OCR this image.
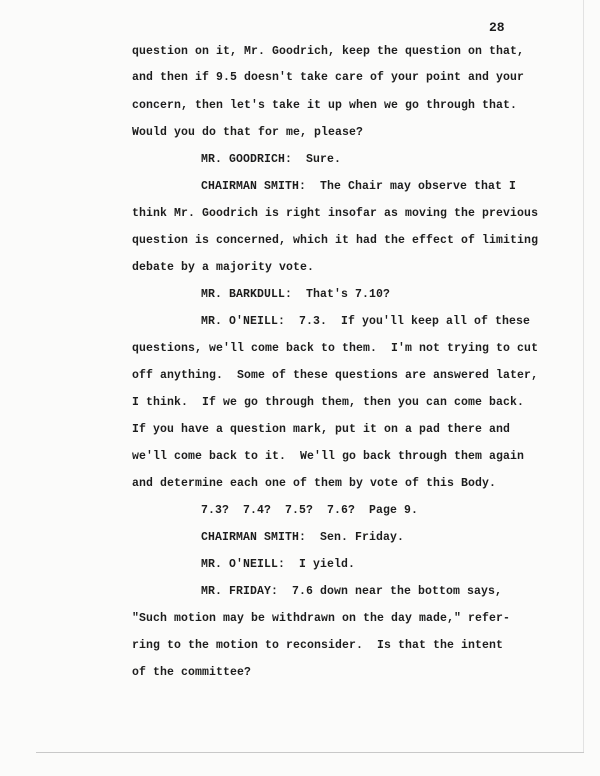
28
question on it, Mr. Goodrich, keep the question on that,
and then if 9.5 doesn't take care of your point and your
concern, then let's take it up when we go through that.
Would you do that for me, please?
MR. GOODRICH:  Sure.
CHAIRMAN SMITH:  The Chair may observe that I
think Mr. Goodrich is right insofar as moving the previous
question is concerned, which it had the effect of limiting
debate by a majority vote.
MR. BARKDULL:  That's 7.10?
MR. O'NEILL:  7.3.  If you'll keep all of these
questions, we'll come back to them.  I'm not trying to cut
off anything.  Some of these questions are answered later,
I think.  If we go through them, then you can come back.
If you have a question mark, put it on a pad there and
we'll come back to it.  We'll go back through them again
and determine each one of them by vote of this Body.
7.3?  7.4?  7.5?  7.6?  Page 9.
CHAIRMAN SMITH:  Sen. Friday.
MR. O'NEILL:  I yield.
MR. FRIDAY:  7.6 down near the bottom says,
"Such motion may be withdrawn on the day made," refer-
ring to the motion to reconsider.  Is that the intent
of the committee?
